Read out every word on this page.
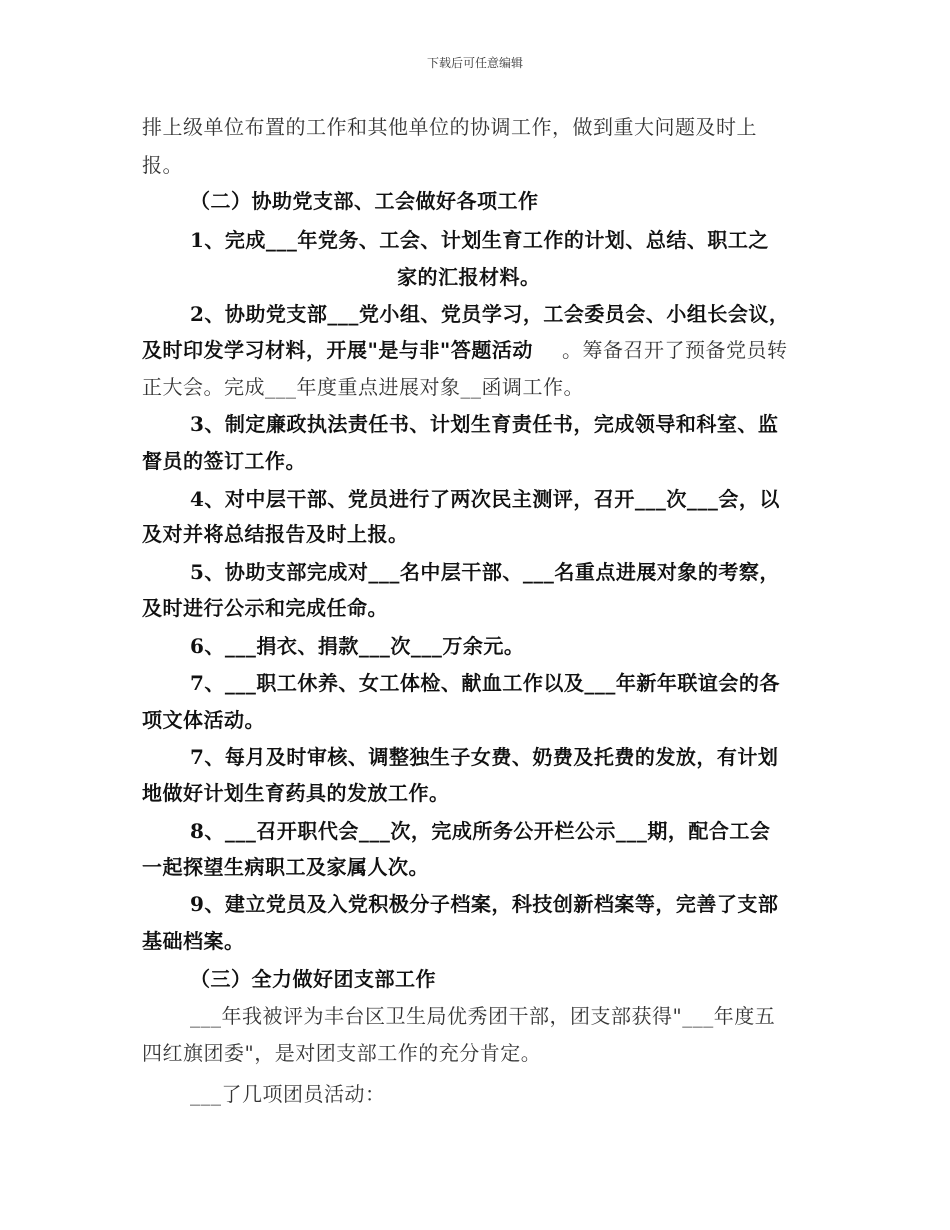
下载后可任意编辑
排上级单位布置的工作和其他单位的协调工作，做到重大问题及时上
报。
（二）协助党支部、工会做好各项工作
1、完成___年党务、工会、计划生育工作的计划、总结、职工之
家的汇报材料。
2、协助党支部___党小组、党员学习，工会委员会、小组长会议，
及时印发学习材料，开展"是与非"答题活动 。筹备召开了预备党员转
正大会。完成___年度重点进展对象__函调工作。
3、制定廉政执法责任书、计划生育责任书，完成领导和科室、监
督员的签订工作。
4、对中层干部、党员进行了两次民主测评，召开___次___会，以
及对并将总结报告及时上报。
5、协助支部完成对___名中层干部、___名重点进展对象的考察，
及时进行公示和完成任命。
6、___捐衣、捐款___次___万余元。
7、___职工休养、女工体检、献血工作以及___年新年联谊会的各
项文体活动。
7、每月及时审核、调整独生子女费、奶费及托费的发放，有计划
地做好计划生育药具的发放工作。
8、___召开职代会___次，完成所务公开栏公示___期，配合工会
一起探望生病职工及家属人次。
9、建立党员及入党积极分子档案，科技创新档案等，完善了支部
基础档案。
（三）全力做好团支部工作
___年我被评为丰台区卫生局优秀团干部，团支部获得"___年度五
四红旗团委"，是对团支部工作的充分肯定。
___了几项团员活动：
